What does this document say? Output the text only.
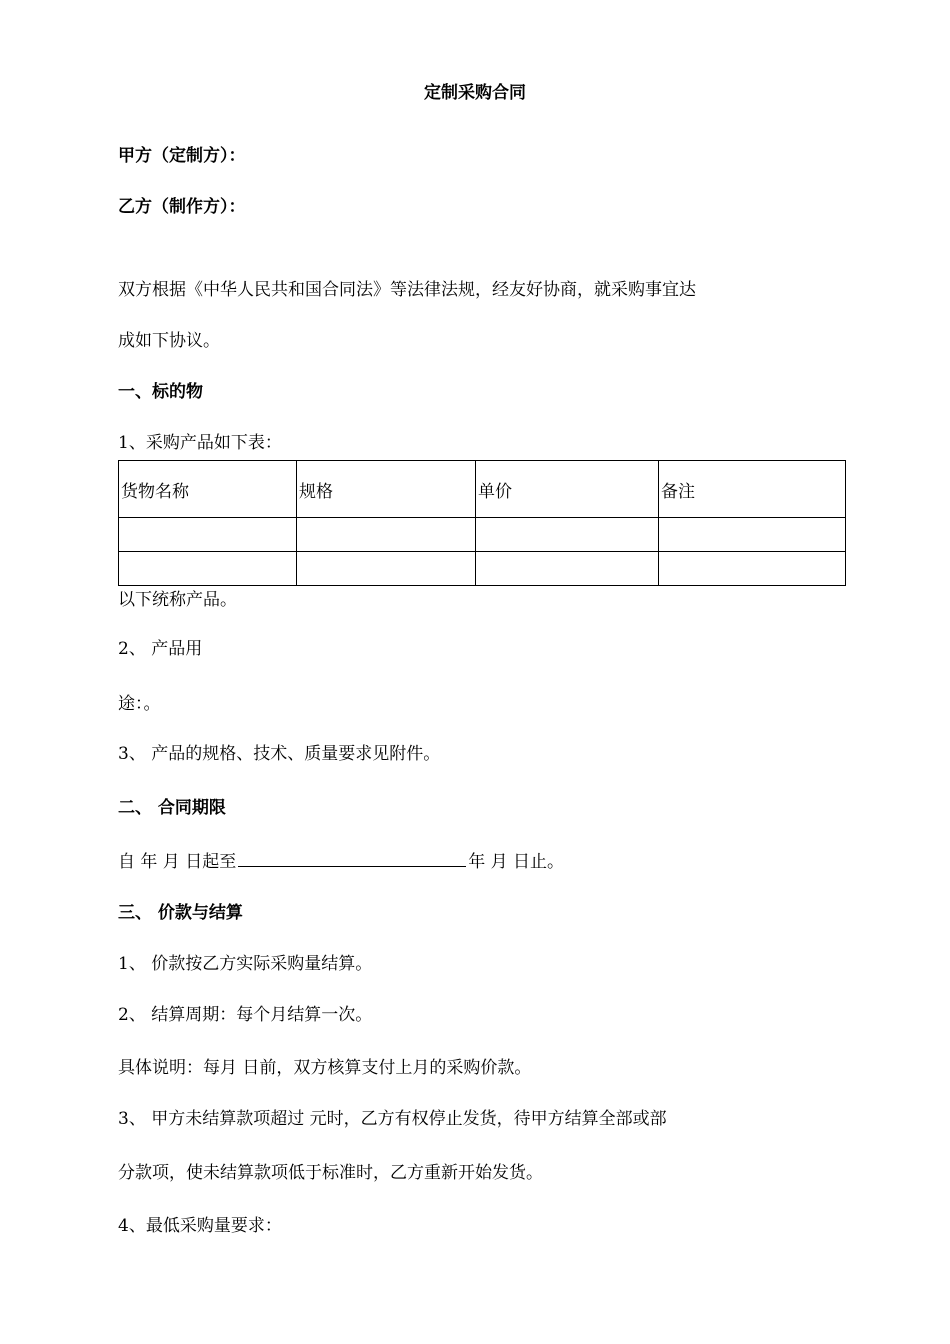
定制采购合同
甲方（定制方）：
乙方（制作方）：
双方根据《中华人民共和国合同法》等法律法规，经友好协商，就采购事宜达
成如下协议。
一、标的物
1、采购产品如下表：
货物名称	规格	单价	备注

以下统称产品。
2、 产品用
途：。
3、 产品的规格、技术、质量要求见附件。
二、 合同期限
自 年 月 日起至	年 月 日止。
三、 价款与结算
1、 价款按乙方实际采购量结算。
2、 结算周期：每个月结算一次。
具体说明：每月 日前，双方核算支付上月的采购价款。
3、 甲方未结算款项超过 元时，乙方有权停止发货，待甲方结算全部或部
分款项，使未结算款项低于标准时，乙方重新开始发货。
4、最低采购量要求：
